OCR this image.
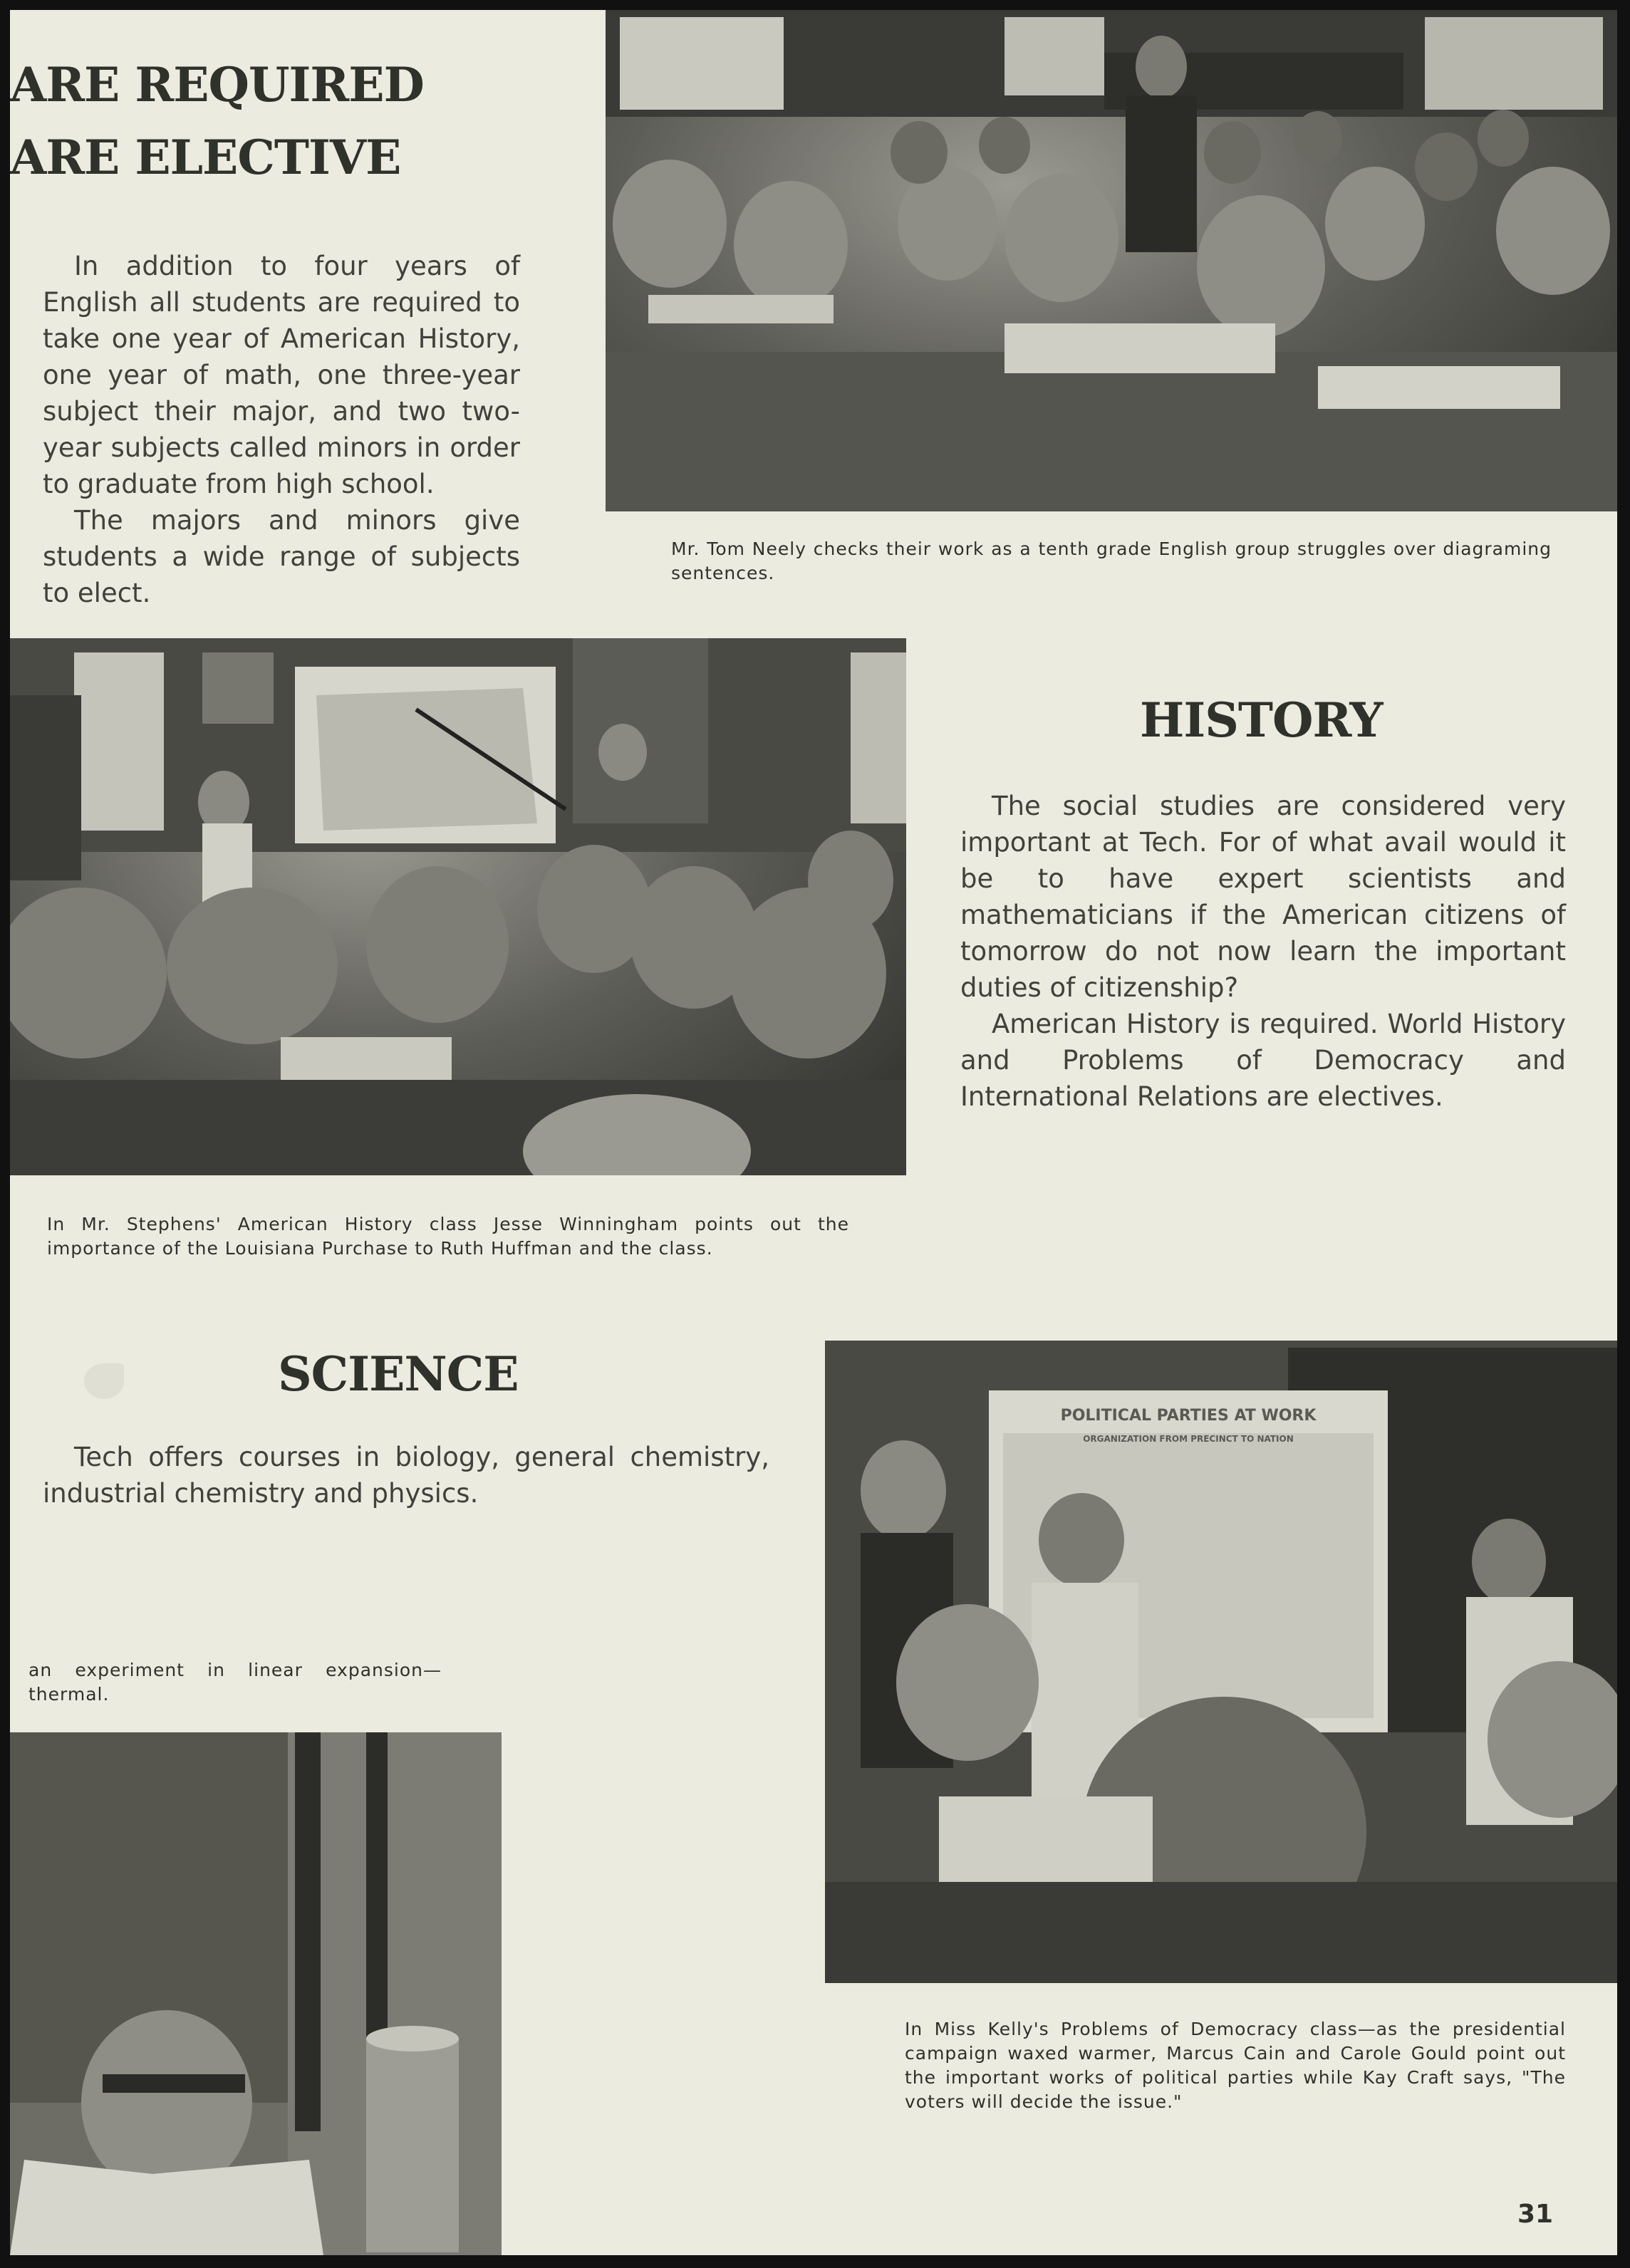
ARE REQUIRED
ARE ELECTIVE

In addition to four years of English all students are required to take one year of American History, one year of math, one three-year subject their major, and two two-year subjects called minors in order to graduate from high school.

The majors and minors give students a wide range of subjects to elect.

Mr. Tom Neely checks their work as a tenth grade English group struggles over diagraming sentences.
In Mr. Stephens' American History class Jesse Winningham points out the importance of the Louisiana Purchase to Ruth Huffman and the class.
HISTORY

The social studies are considered very important at Tech. For of what avail would it be to have expert scientists and mathematicians if the American citizens of tomorrow do not now learn the important duties of citizenship?

American History is required. World History and Problems of Democracy and International Relations are electives.

SCIENCE

Tech offers courses in biology, general chemistry, industrial chemistry and physics.

an experiment in linear expansion— thermal.
POLITICAL PARTIES AT WORK
ORGANIZATION FROM PRECINCT TO NATION
In Miss Kelly's Problems of Democracy class—as the presidential campaign waxed warmer, Marcus Cain and Carole Gould point out the important works of political parties while Kay Craft says, "The voters will decide the issue."
31
